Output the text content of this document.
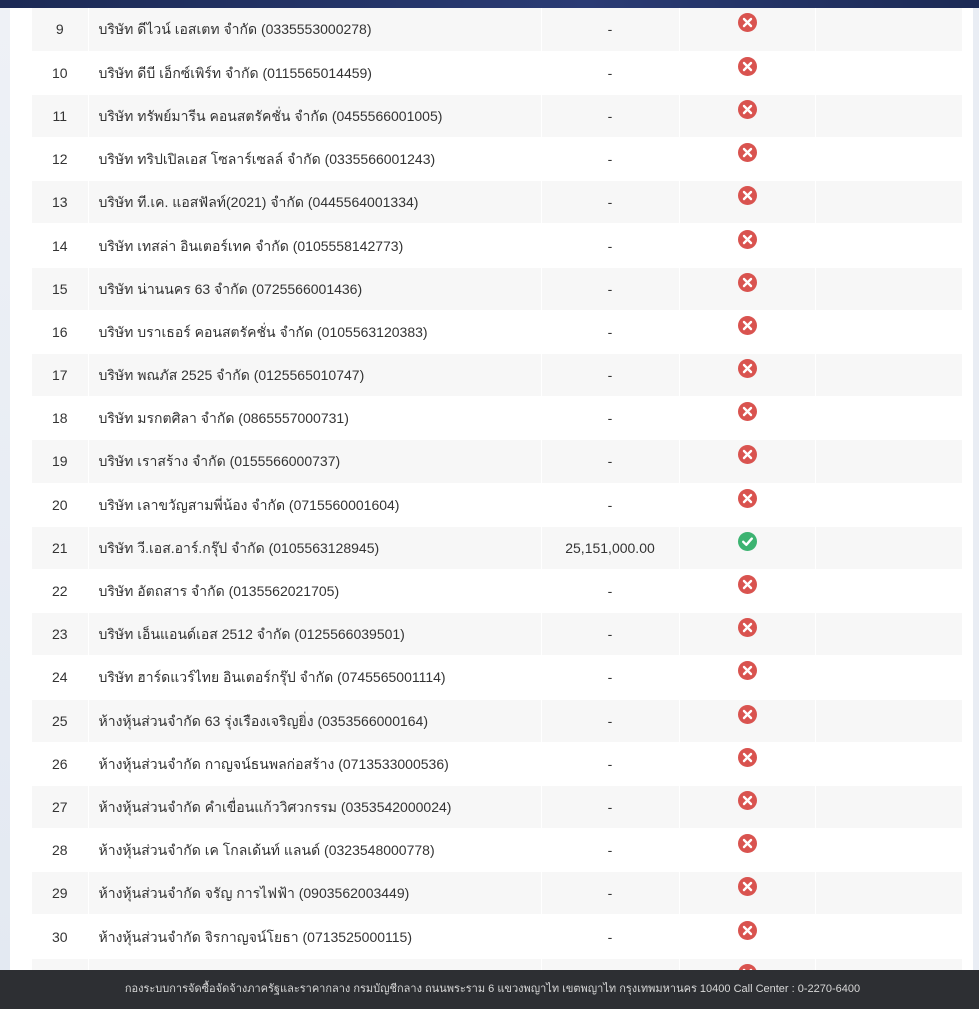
9	บริษัท ดีไวน์ เอสเตท จำกัด (0335553000278)	-	

10	บริษัท ดีบี เอ็กซ์เพิร์ท จำกัด (0115565014459)	-	

11	บริษัท ทรัพย์มารีน คอนสตรัคชั่น จำกัด (0455566001005)	-	

12	บริษัท ทริปเปิลเอส โซลาร์เซลล์ จำกัด (0335566001243)	-	

13	บริษัท ที.เค. แอสฟัลท์(2021) จำกัด (0445564001334)	-	

14	บริษัท เทสล่า อินเตอร์เทค จำกัด (0105558142773)	-	

15	บริษัท น่านนคร 63 จำกัด (0725566001436)	-	

16	บริษัท บราเธอร์ คอนสตรัคชั่น จำกัด (0105563120383)	-	

17	บริษัท พณภัส 2525 จำกัด (0125565010747)	-	

18	บริษัท มรกตศิลา จำกัด (0865557000731)	-	

19	บริษัท เราสร้าง จำกัด (0155566000737)	-	

20	บริษัท เลาขวัญสามพี่น้อง จำกัด (0715560001604)	-	

21	บริษัท วี.เอส.อาร์.กรุ๊ป จำกัด (0105563128945)	25,151,000.00	

22	บริษัท อัตถสาร จำกัด (0135562021705)	-	

23	บริษัท เอ็นแอนด์เอส 2512 จำกัด (0125566039501)	-	

24	บริษัท ฮาร์ดแวร์ไทย อินเตอร์กรุ๊ป จำกัด (0745565001114)	-	

25	ห้างหุ้นส่วนจำกัด 63 รุ่งเรืองเจริญยิ่ง (0353566000164)	-	

26	ห้างหุ้นส่วนจำกัด กาญจน์ธนพลก่อสร้าง (0713533000536)	-	

27	ห้างหุ้นส่วนจำกัด คำเขื่อนแก้ววิศวกรรม (0353542000024)	-	

28	ห้างหุ้นส่วนจำกัด เค โกลเด้นท์ แลนด์ (0323548000778)	-	

29	ห้างหุ้นส่วนจำกัด จรัญ การไฟฟ้า (0903562003449)	-	

30	ห้างหุ้นส่วนจำกัด จิรกาญจน์โยธา (0713525000115)	-	

กองระบบการจัดซื้อจัดจ้างภาครัฐและราคากลาง กรมบัญชีกลาง ถนนพระราม 6 แขวงพญาไท เขตพญาไท กรุงเทพมหานคร 10400 Call Center : 0-2270-6400
